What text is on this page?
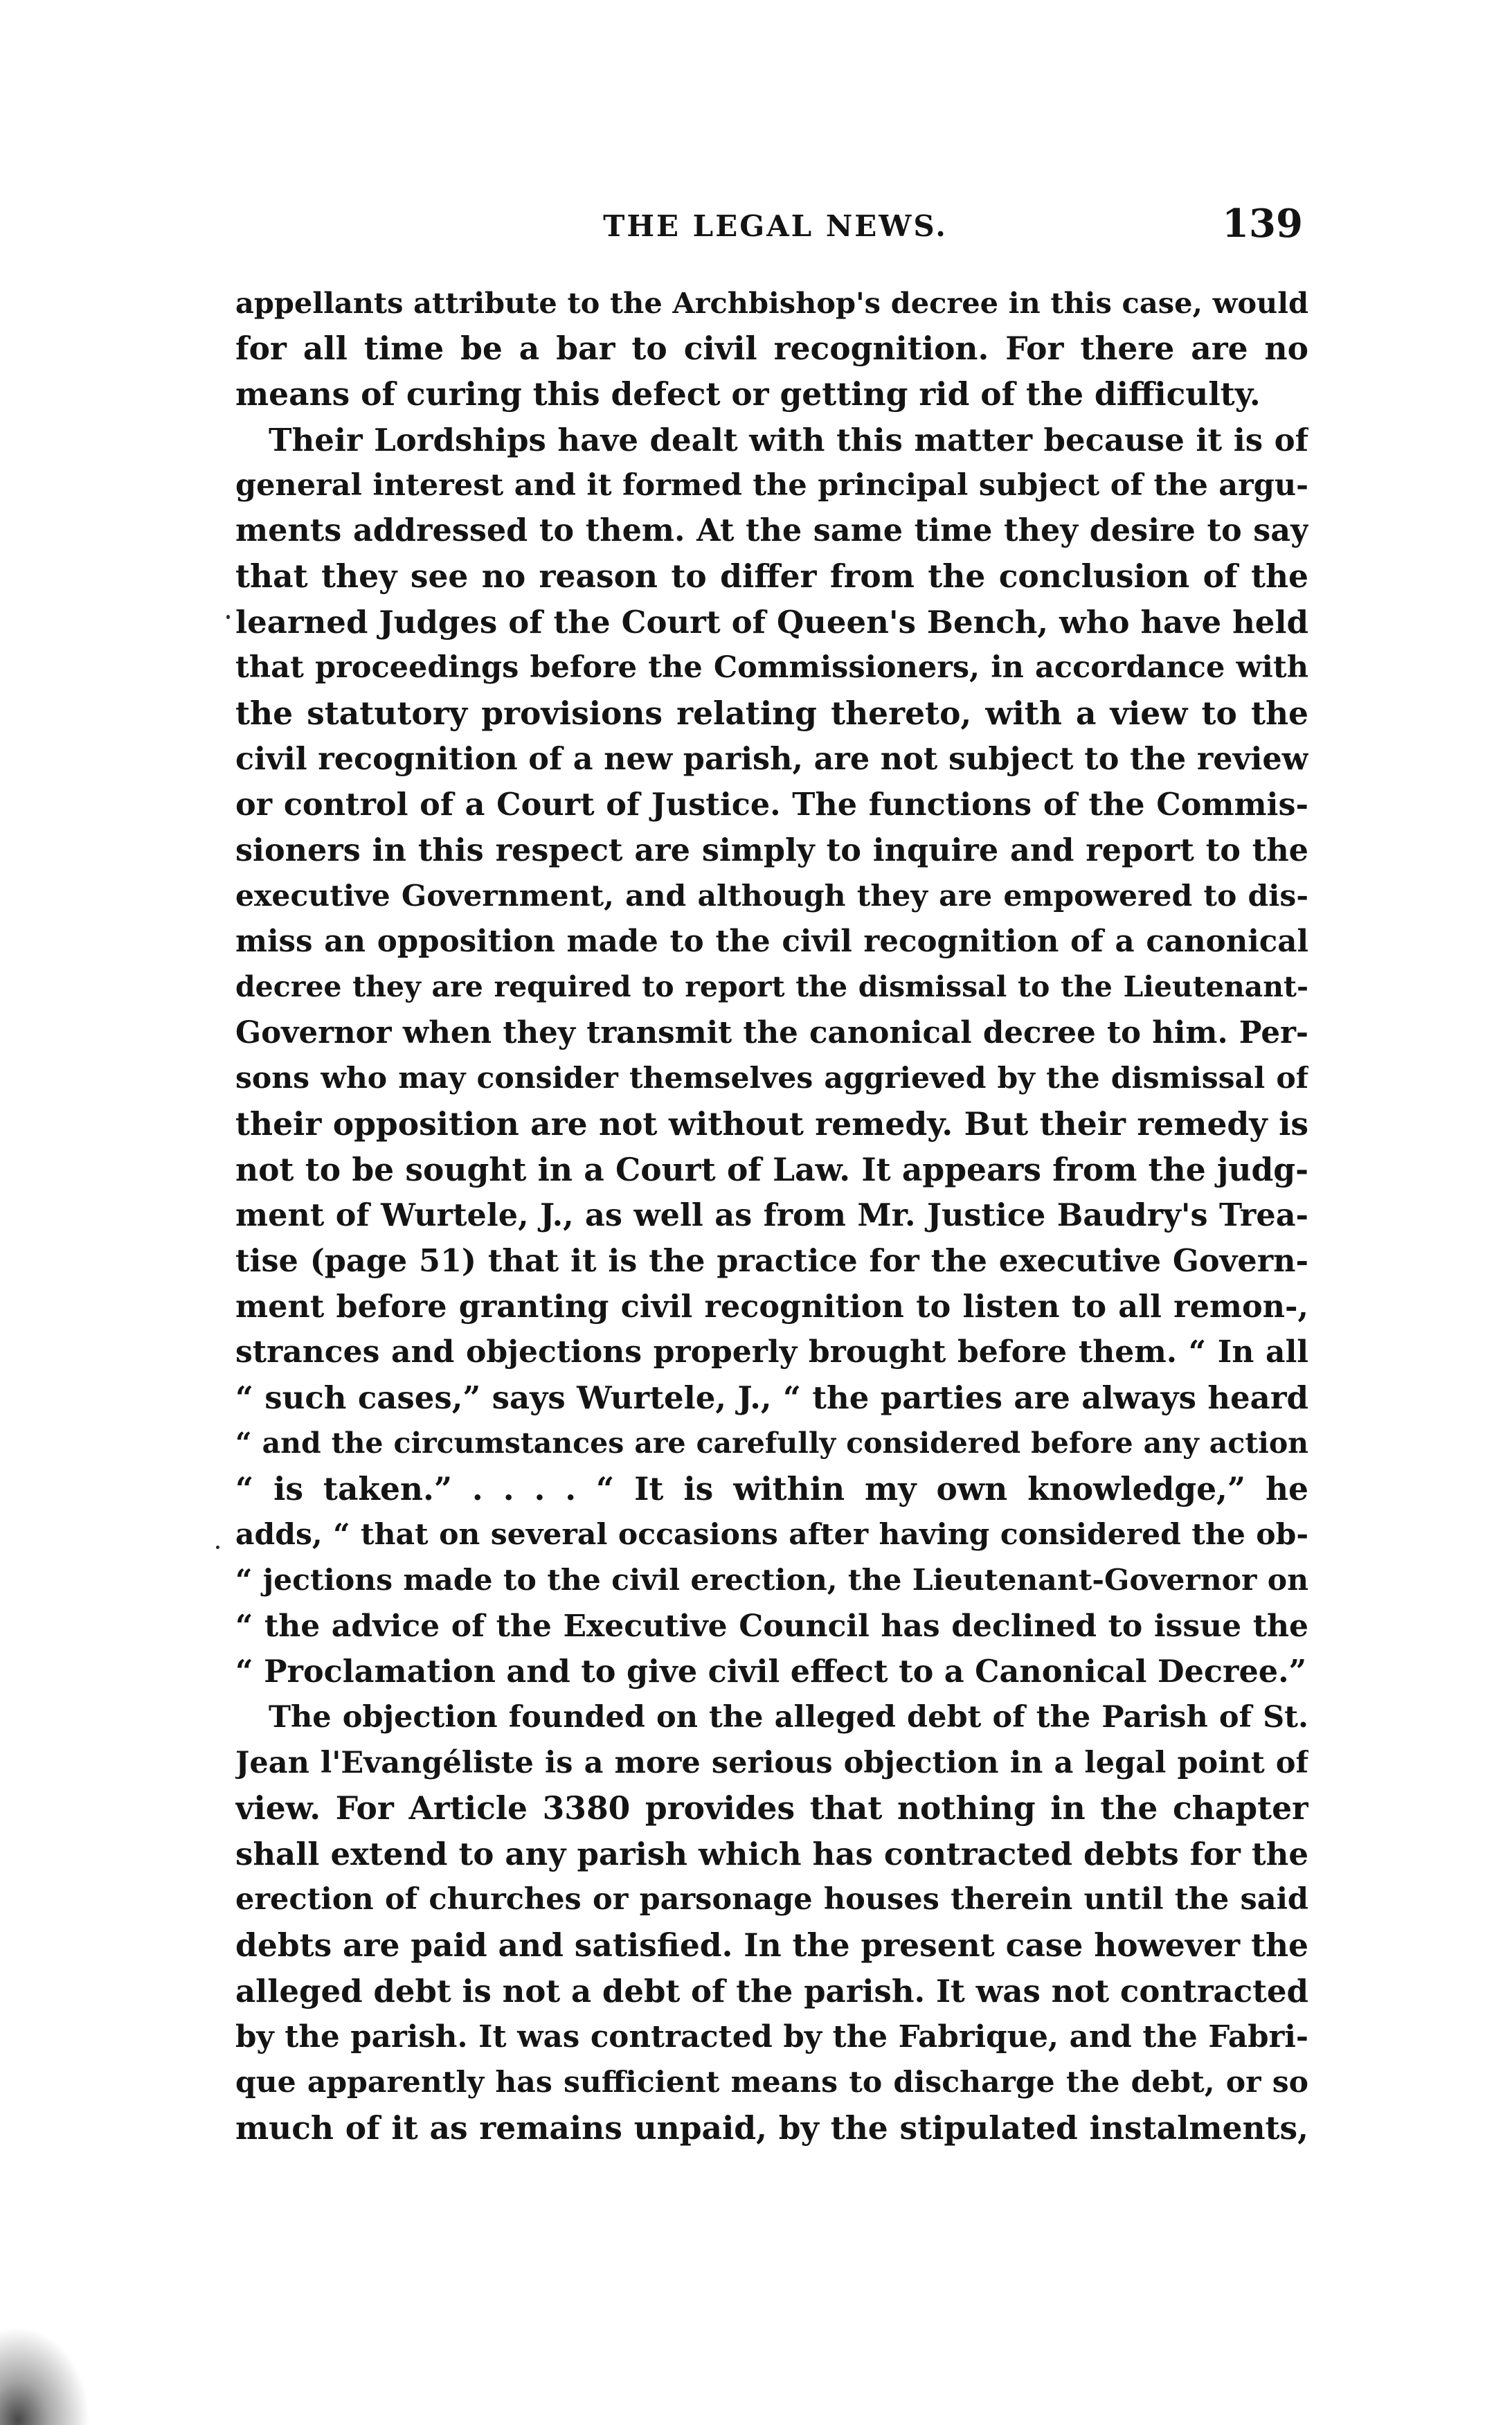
THE LEGAL NEWS.	139
appellants attribute to the Archbishop's decree in this case, would
for all time be a bar to civil recognition. For there are no
means of curing this defect or getting rid of the difficulty.
Their Lordships have dealt with this matter because it is of
general interest and it formed the principal subject of the argu-
ments addressed to them. At the same time they desire to say
that they see no reason to differ from the conclusion of the
learned Judges of the Court of Queen's Bench, who have held
that proceedings before the Commissioners, in accordance with
the statutory provisions relating thereto, with a view to the
civil recognition of a new parish, are not subject to the review
or control of a Court of Justice. The functions of the Commis-
sioners in this respect are simply to inquire and report to the
executive Government, and although they are empowered to dis-
miss an opposition made to the civil recognition of a canonical
decree they are required to report the dismissal to the Lieutenant-
Governor when they transmit the canonical decree to him. Per-
sons who may consider themselves aggrieved by the dismissal of
their opposition are not without remedy. But their remedy is
not to be sought in a Court of Law. It appears from the judg-
ment of Wurtele, J., as well as from Mr. Justice Baudry's Trea-
tise (page 51) that it is the practice for the executive Govern-
ment before granting civil recognition to listen to all remon-,
strances and objections properly brought before them. “ In all
“ such cases,” says Wurtele, J., “ the parties are always heard
“ and the circumstances are carefully considered before any action
“ is taken.” . . . . “ It is within my own knowledge,” he
adds, “ that on several occasions after having considered the ob-
“ jections made to the civil erection, the Lieutenant-Governor on
“ the advice of the Executive Council has declined to issue the
“ Proclamation and to give civil effect to a Canonical Decree.”
The objection founded on the alleged debt of the Parish of St.
Jean l'Evangéliste is a more serious objection in a legal point of
view. For Article 3380 provides that nothing in the chapter
shall extend to any parish which has contracted debts for the
erection of churches or parsonage houses therein until the said
debts are paid and satisfied. In the present case however the
alleged debt is not a debt of the parish. It was not contracted
by the parish. It was contracted by the Fabrique, and the Fabri-
que apparently has sufficient means to discharge the debt, or so
much of it as remains unpaid, by the stipulated instalments,
